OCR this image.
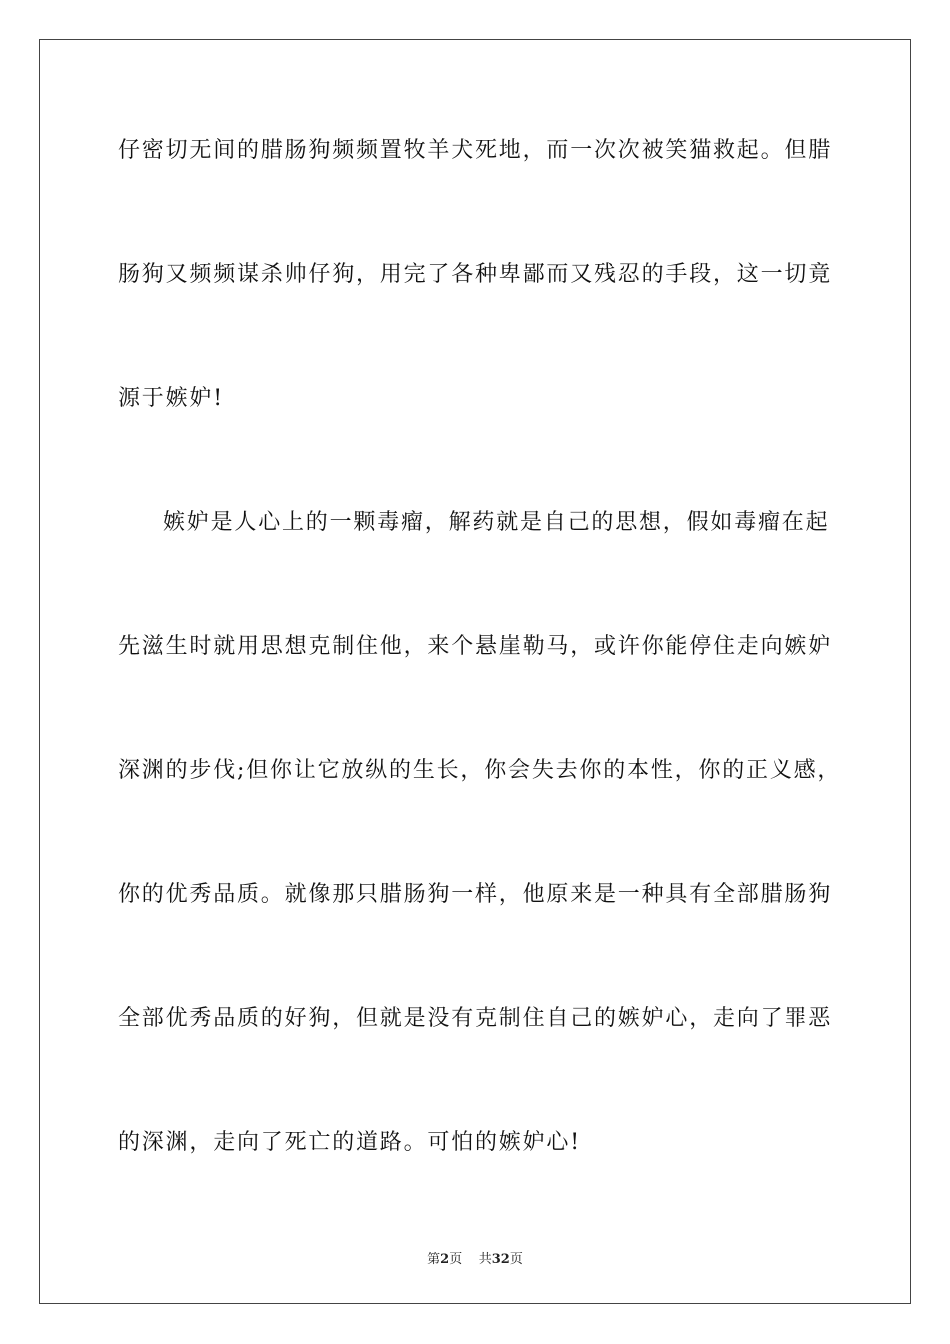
仔密切无间的腊肠狗频频置牧羊犬死地，而一次次被笑猫救起。但腊
肠狗又频频谋杀帅仔狗，用完了各种卑鄙而又残忍的手段，这一切竟
源于嫉妒!
嫉妒是人心上的一颗毒瘤，解药就是自己的思想，假如毒瘤在起
先滋生时就用思想克制住他，来个悬崖勒马，或许你能停住走向嫉妒
深渊的步伐;但你让它放纵的生长，你会失去你的本性，你的正义感，
你的优秀品质。就像那只腊肠狗一样，他原来是一种具有全部腊肠狗
全部优秀品质的好狗，但就是没有克制住自己的嫉妒心，走向了罪恶
的深渊，走向了死亡的道路。可怕的嫉妒心!
第2页 共32页
